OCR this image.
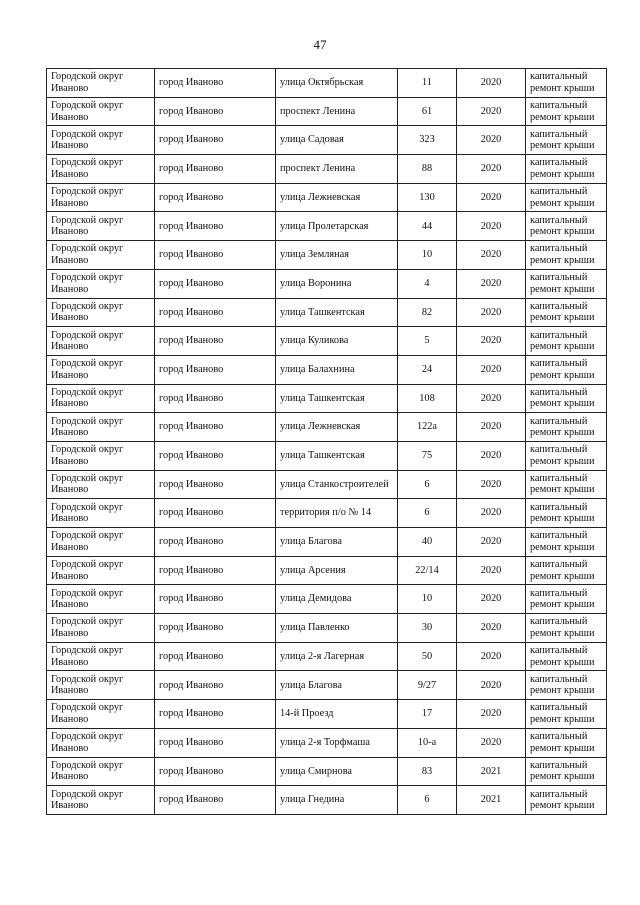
47
Городской округ Иваново	город Иваново	улица Октябрьская	11	2020	капитальный ремонт крыши
Городской округ Иваново	город Иваново	проспект Ленина	61	2020	капитальный ремонт крыши
Городской округ Иваново	город Иваново	улица Садовая	32З	2020	капитальный ремонт крыши
Городской округ Иваново	город Иваново	проспект Ленина	88	2020	капитальный ремонт крыши
Городской округ Иваново	город Иваново	улица Лежневская	130	2020	капитальный ремонт крыши
Городской округ Иваново	город Иваново	улица Пролетарская	44	2020	капитальный ремонт крыши
Городской округ Иваново	город Иваново	улица Земляная	10	2020	капитальный ремонт крыши
Городской округ Иваново	город Иваново	улица Воронина	4	2020	капитальный ремонт крыши
Городской округ Иваново	город Иваново	улица Ташкентская	82	2020	капитальный ремонт крыши
Городской округ Иваново	город Иваново	улица Куликова	5	2020	капитальный ремонт крыши
Городской округ Иваново	город Иваново	улица Балахнина	24	2020	капитальный ремонт крыши
Городской округ Иваново	город Иваново	улица Ташкентская	108	2020	капитальный ремонт крыши
Городской округ Иваново	город Иваново	улица Лежневская	122а	2020	капитальный ремонт крыши
Городской округ Иваново	город Иваново	улица Ташкентская	75	2020	капитальный ремонт крыши
Городской округ Иваново	город Иваново	улица Станкостроителей	6	2020	капитальный ремонт крыши
Городской округ Иваново	город Иваново	территория п/о № 14	6	2020	капитальный ремонт крыши
Городской округ Иваново	город Иваново	улица Благова	40	2020	капитальный ремонт крыши
Городской округ Иваново	город Иваново	улица Арсения	22/14	2020	капитальный ремонт крыши
Городской округ Иваново	город Иваново	улица Демидова	10	2020	капитальный ремонт крыши
Городской округ Иваново	город Иваново	улица Павленко	30	2020	капитальный ремонт крыши
Городской округ Иваново	город Иваново	улица 2-я Лагерная	50	2020	капитальный ремонт крыши
Городской округ Иваново	город Иваново	улица Благова	9/27	2020	капитальный ремонт крыши
Городской округ Иваново	город Иваново	14-й Проезд	17	2020	капитальный ремонт крыши
Городской округ Иваново	город Иваново	улица 2-я Торфмаша	10-а	2020	капитальный ремонт крыши
Городской округ Иваново	город Иваново	улица Смирнова	83	2021	капитальный ремонт крыши
Городской округ Иваново	город Иваново	улица Гнедина	6	2021	капитальный ремонт крыши
